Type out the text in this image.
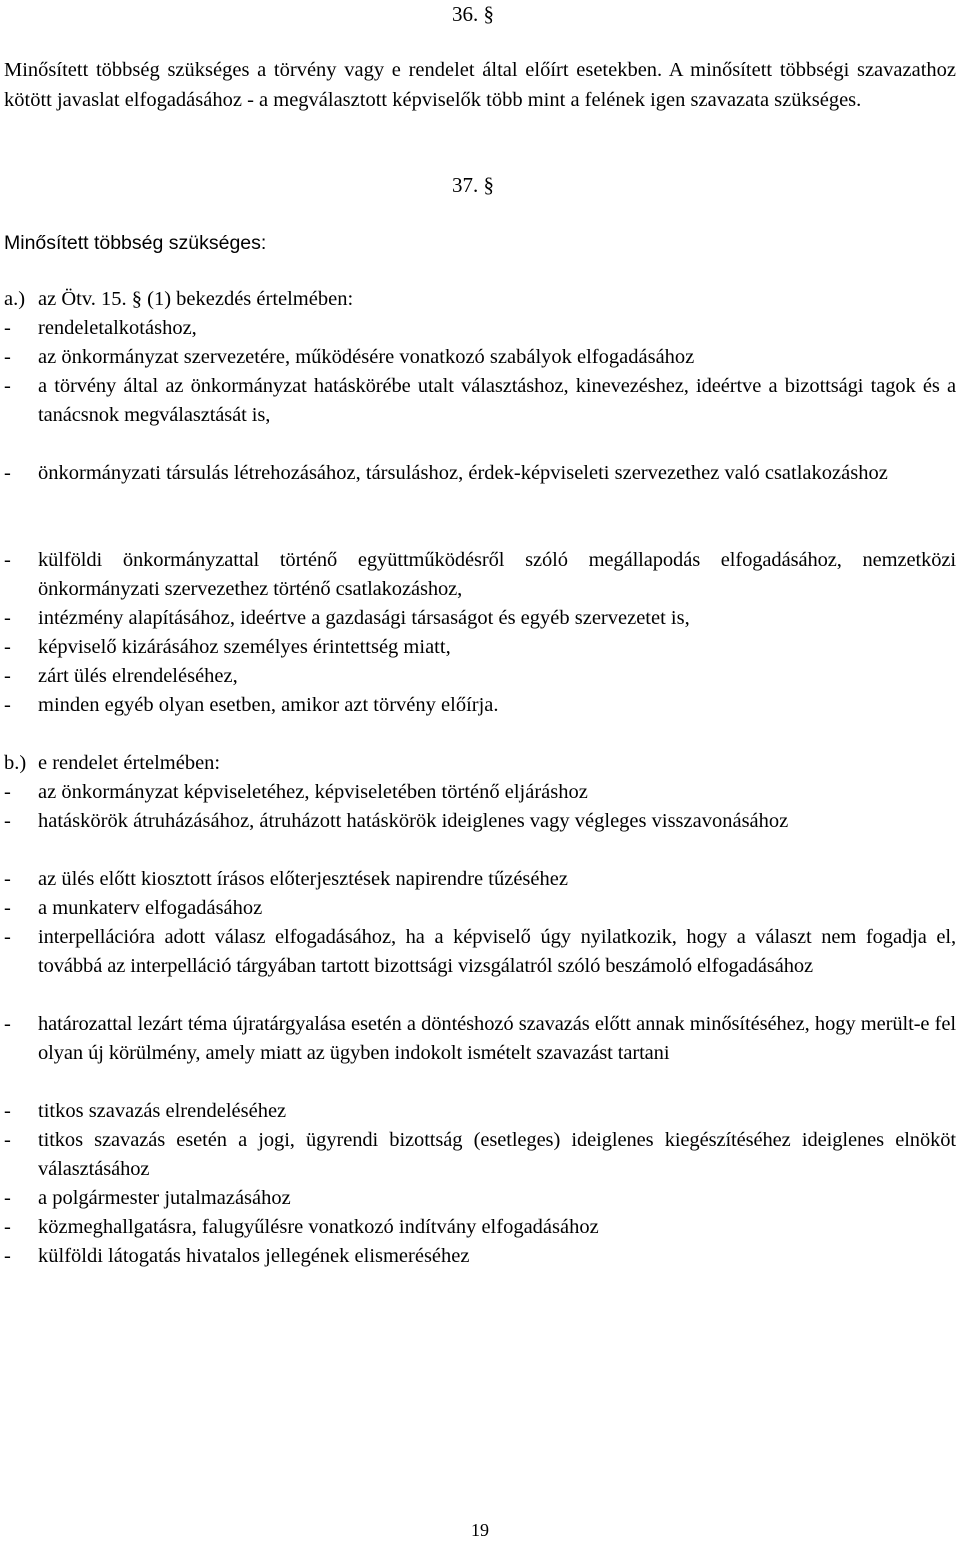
36. §
Minősített többség szükséges a törvény vagy e rendelet által előírt esetekben. A minősített többségi szavazathoz kötött javaslat elfogadásához - a megválasztott képviselők több mint a felének igen szavazata szükséges.
37. §
Minősített többség szükséges:
a.) az Ötv. 15. § (1) bekezdés értelmében:
- rendeletalkotáshoz,
- az önkormányzat szervezetére, működésére vonatkozó szabályok elfogadásához
- a törvény által az önkormányzat hatáskörébe utalt választáshoz, kinevezéshez, ideértve a bizottsági tagok és a tanácsnok megválasztását is,
- önkormányzati társulás létrehozásához, társuláshoz, érdek-képviseleti szervezethez való csatlakozáshoz
- külföldi önkormányzattal történő együttműködésről szóló megállapodás elfogadásához, nemzetközi önkormányzati szervezethez történő csatlakozáshoz,
- intézmény alapításához, ideértve a gazdasági társaságot és egyéb szervezetet is,
- képviselő kizárásához személyes érintettség miatt,
- zárt ülés elrendeléséhez,
- minden egyéb olyan esetben, amikor azt törvény előírja.
b.) e rendelet értelmében:
- az önkormányzat képviseletéhez, képviseletében történő eljáráshoz
- hatáskörök átruházásához, átruházott hatáskörök ideiglenes vagy végleges visszavonásához
- az ülés előtt kiosztott írásos előterjesztések napirendre tűzéséhez
- a munkaterv elfogadásához
- interpellációra adott válasz elfogadásához, ha a képviselő úgy nyilatkozik, hogy a választ nem fogadja el, továbbá az interpelláció tárgyában tartott bizottsági vizsgálatról szóló beszámoló elfogadásához
- határozattal lezárt téma újratárgyalása esetén a döntéshozó szavazás előtt annak minősítéséhez, hogy merült-e fel olyan új körülmény, amely miatt az ügyben indokolt ismételt szavazást tartani
- titkos szavazás elrendeléséhez
- titkos szavazás esetén a jogi, ügyrendi bizottság (esetleges) ideiglenes kiegészítéséhez ideiglenes elnököt választásához
- a polgármester jutalmazásához
- közmeghallgatásra, falugyűlésre vonatkozó indítvány elfogadásához
- külföldi látogatás hivatalos jellegének elismeréséhez
19
